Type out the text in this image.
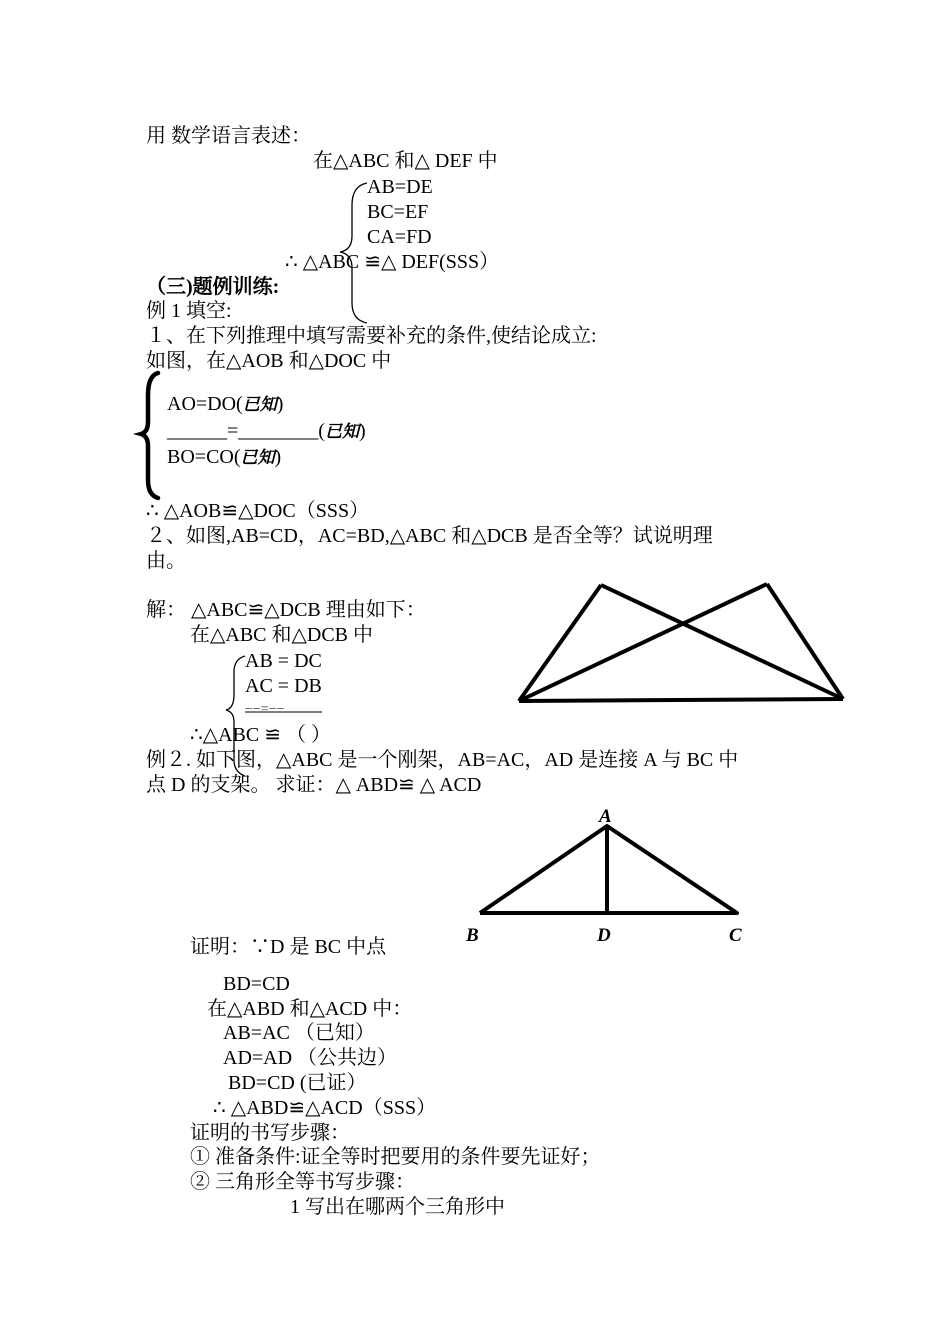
用 数学语言表述：
在△ABC 和△ DEF 中
AB=DE
BC=EF
CA=FD
∴ △ABC ≌△ DEF(SSS）
（三)题例训练:
例 1 填空:
１、在下列推理中填写需要补充的条件,使结论成立:
如图，在△AOB 和△DOC 中
AO=DO(已知)
______=________(已知)
BO=CO(已知)
∴ △AOB≌△DOC（SSS）
２、如图,AB=CD，AC=BD,△ABC 和△DCB 是否全等？试说明理
由。
解： △ABC≌△DCB 理由如下：
在△ABC 和△DCB 中
AB = DC
AC = DB
−−=−−
∴△ABC ≌ （ ）
例２. 如下图，△ABC 是一个刚架，AB=AC，AD 是连接 A 与 BC 中
点 D 的支架。 求证：△ ABD≌ △ ACD
证明：∵D 是 BC 中点
BD=CD
在△ABD 和△ACD 中：
AB=AC （已知）
AD=AD （公共边）
BD=CD (已证）
∴ △ABD≌△ACD（SSS）
证明的书写步骤：
① 准备条件:证全等时把要用的条件要先证好；
② 三角形全等书写步骤：
1 写出在哪两个三角形中
A
B	D	C
